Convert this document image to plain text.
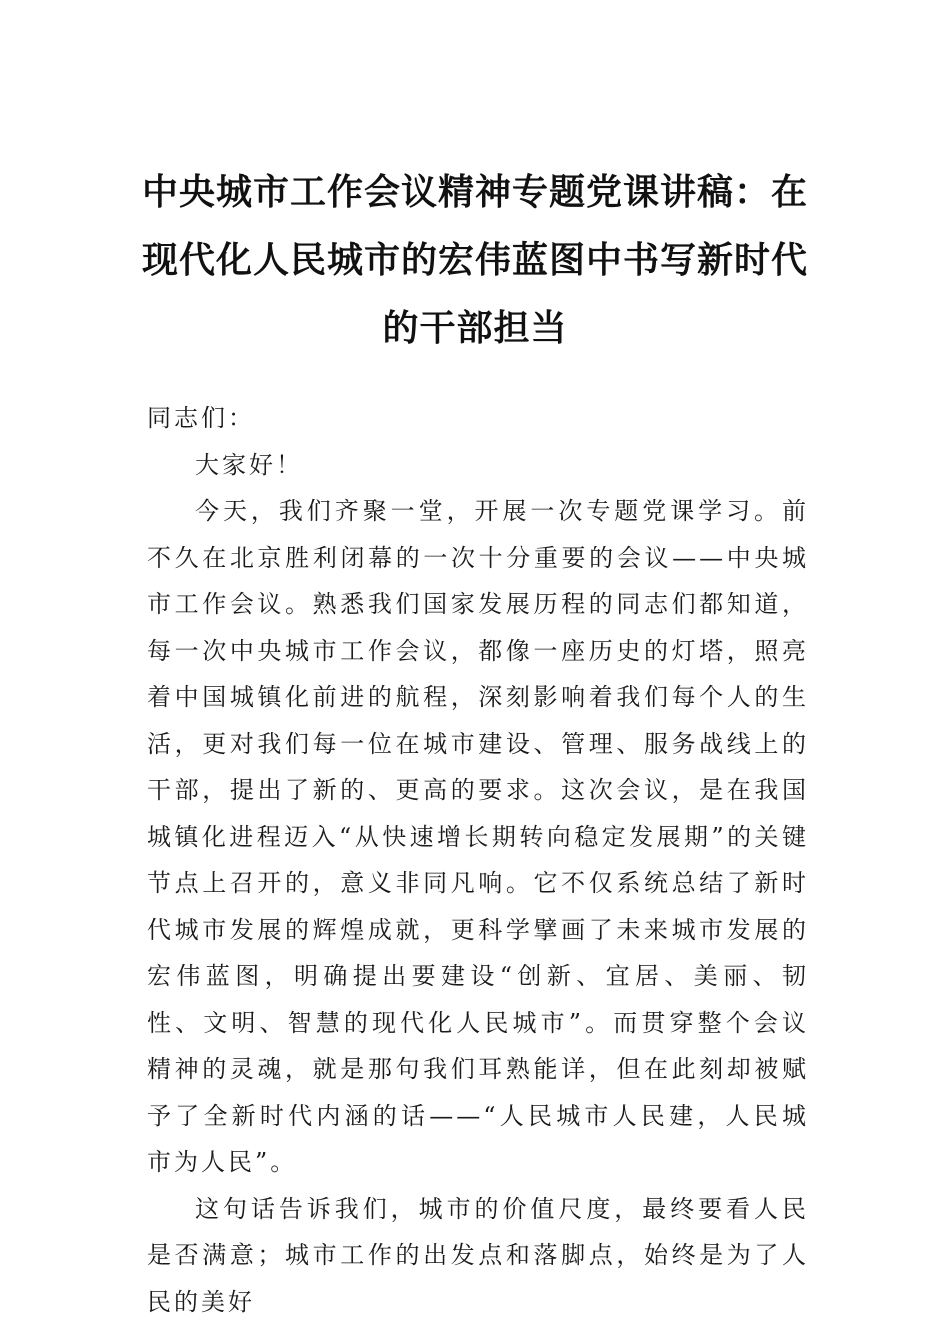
中央城市工作会议精神专题党课讲稿：在
现代化人民城市的宏伟蓝图中书写新时代
的干部担当

同志们：

大家好！

今天，我们齐聚一堂，开展一次专题党课学习。前不久在北京胜利闭幕的一次十分重要的会议——中央城市工作会议。熟悉我们国家发展历程的同志们都知道，每一次中央城市工作会议，都像一座历史的灯塔，照亮着中国城镇化前进的航程，深刻影响着我们每个人的生活，更对我们每一位在城市建设、管理、服务战线上的干部，提出了新的、更高的要求。这次会议，是在我国城镇化进程迈入“从快速增长期转向稳定发展期”的关键节点上召开的，意义非同凡响。它不仅系统总结了新时代城市发展的辉煌成就，更科学擘画了未来城市发展的宏伟蓝图，明确提出要建设“创新、宜居、美丽、韧性、文明、智慧的现代化人民城市”。而贯穿整个会议精神的灵魂，就是那句我们耳熟能详，但在此刻却被赋予了全新时代内涵的话——“人民城市人民建，人民城市为人民”。

这句话告诉我们，城市的价值尺度，最终要看人民是否满意；城市工作的出发点和落脚点，始终是为了人民的美好
